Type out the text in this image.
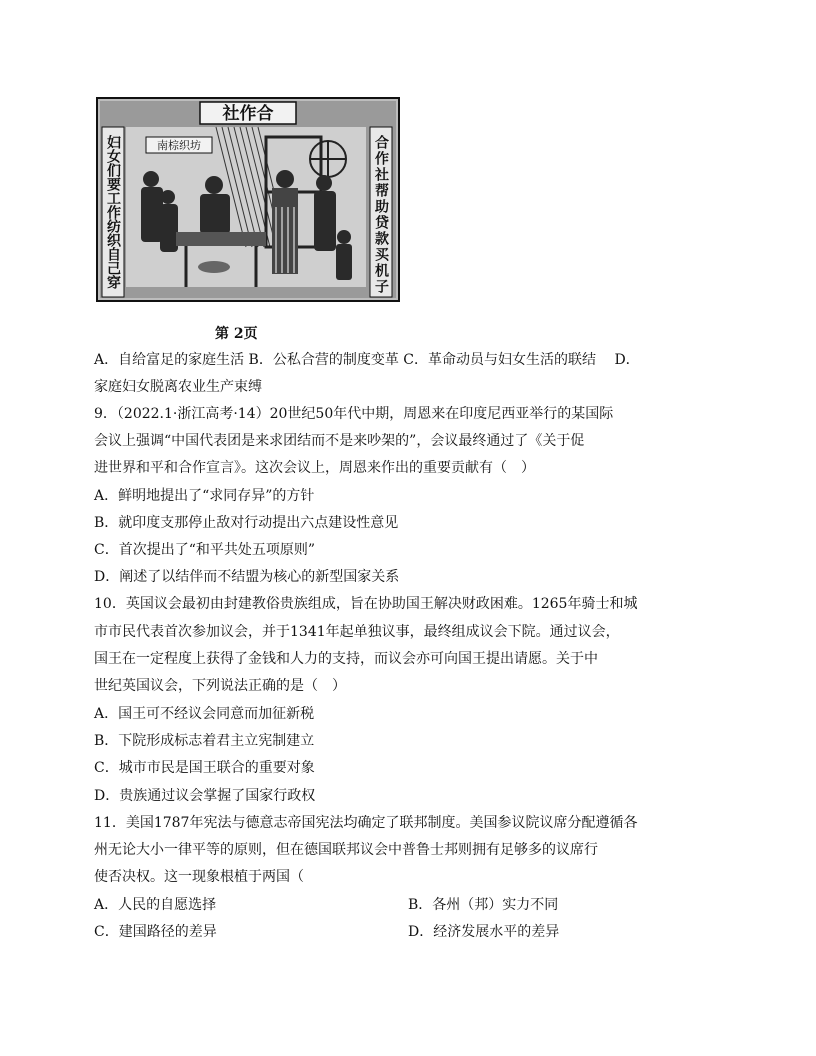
社作合
南棕织坊
妇女们要工作纺织自己穿	合作社帮助贷款买机子
第 2页
A．自给富足的家庭生活 B．公私合营的制度变革 C．革命动员与妇女生活的联结　 D．
家庭妇女脱离农业生产束缚
9．（2022.1·浙江高考·14）20世纪50年代中期，周恩来在印度尼西亚举行的某国际
会议上强调“中国代表团是来求团结而不是来吵架的”，会议最终通过了《关于促
进世界和平和合作宣言》。这次会议上，周恩来作出的重要贡献有（　）
A．鲜明地提出了“求同存异”的方针
B．就印度支那停止敌对行动提出六点建设性意见
C．首次提出了“和平共处五项原则”
D．阐述了以结伴而不结盟为核心的新型国家关系
10．英国议会最初由封建教俗贵族组成，旨在协助国王解决财政困难。1265年骑士和城
市市民代表首次参加议会，并于1341年起单独议事，最终组成议会下院。通过议会，
国王在一定程度上获得了金钱和人力的支持，而议会亦可向国王提出请愿。关于中
世纪英国议会，下列说法正确的是（　）
A．国王可不经议会同意而加征新税
B．下院形成标志着君主立宪制建立
C．城市市民是国王联合的重要对象
D．贵族通过议会掌握了国家行政权
11．美国1787年宪法与德意志帝国宪法均确定了联邦制度。美国参议院议席分配遵循各
州无论大小一律平等的原则，但在德国联邦议会中普鲁士邦则拥有足够多的议席行
使否决权。这一现象根植于两国（
A．人民的自愿选择	B．各州（邦）实力不同
C．建国路径的差异	D．经济发展水平的差异
